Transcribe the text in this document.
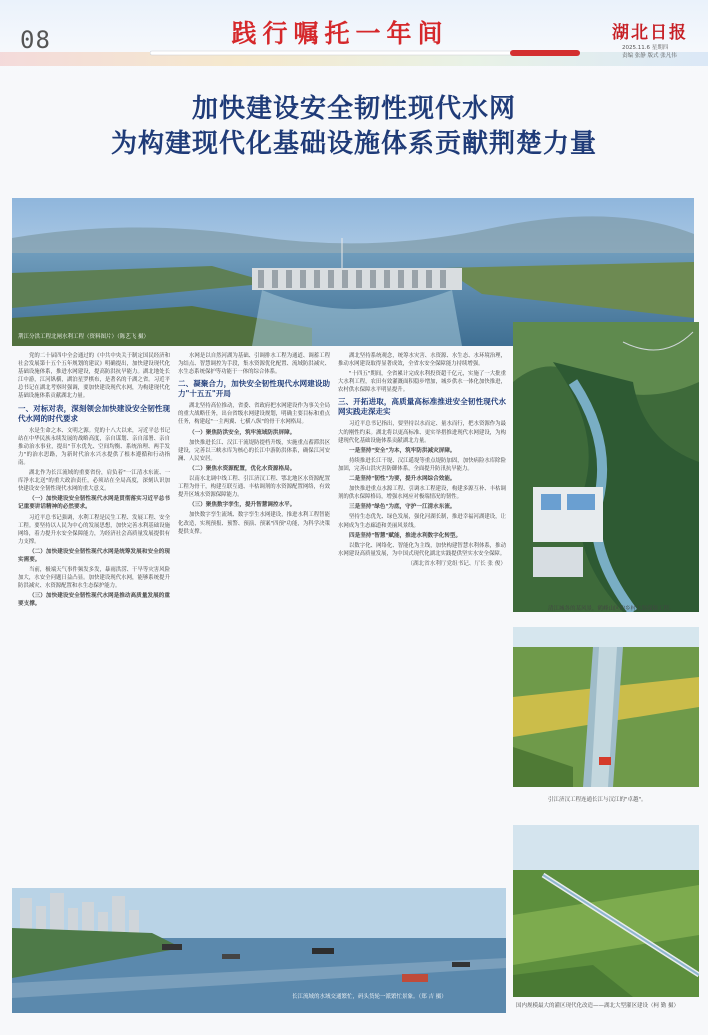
08	践行嘱托一年间	湖北日报
2025.11.6 星期四
责编 张静 版式 张凡伟
加快建设安全韧性现代水网
为构建现代化基础设施体系贡献荆楚力量
荆江分洪工程北闸水利工程（资料图片）（陈艺飞 摄）

党的二十届四中全会通过的《中共中央关于制定国民经济和社会发展第十五个五年规划的建议》明确提出，加快建设现代化基础设施体系，推进水网建设，提高防洪抗旱能力。湖北地处长江中游，江河纵横，湖泊星罗棋布，是著名的千湖之省。习近平总书记在湖北考察时强调，要加快建设现代水网，为构建现代化基础设施体系贡献湖北力量。

一、对标对表，深刻领会加快建设安全韧性现代水网的时代要求

水是生命之本、文明之源。党的十八大以来，习近平总书记站在中华民族永续发展的战略高度，亲自谋划、亲自部署、亲自推动治水事业，提出"节水优先、空间均衡、系统治理、两手发力"的治水思路，为新时代治水兴水提供了根本遵循和行动指南。

湖北作为长江流域的重要省份，肩负着"一江清水东流、一库净水北送"的重大政治责任，必须站在全局高度，深刻认识加快建设安全韧性现代水网的重大意义。

（一）加快建设安全韧性现代水网是贯彻落实习近平总书记重要讲话精神的必然要求。

习近平总书记强调，水利工程是民生工程、发展工程、安全工程。要坚持以人民为中心的发展思想，加快完善水利基础设施网络，着力提升水安全保障能力，为经济社会高质量发展提供有力支撑。

（二）加快建设安全韧性现代水网是统筹发展和安全的现实需要。

当前，极端天气事件频发多发，暴雨洪涝、干旱等灾害风险加大，水安全问题日益凸显。加快建设现代水网，能够系统提升防洪减灾、水资源配置和水生态保护能力。

（三）加快建设安全韧性现代水网是推动高质量发展的重要支撑。

水网是以自然河湖为基础、引调排水工程为通道、调蓄工程为结点、智慧调控为手段，集水资源优化配置、流域防洪减灾、水生态系统保护等功能于一体的综合体系。

二、凝聚合力，加快安全韧性现代水网建设助力"十五五"开局

湖北坚持高位推动，省委、省政府把水网建设作为事关全局的重大战略任务，出台省级水网建设规划，明确主要目标和重点任务，构建起"一主两翼、七横八纵"的骨干水网格局。

（一）聚焦防洪安全，筑牢流域防洪屏障。

加快推进长江、汉江干流堤防提档升级，实施重点蓄滞洪区建设，完善以三峡水库为核心的长江中游防洪体系，确保江河安澜、人民安居。

（二）聚焦水资源配置，优化水资源格局。

以南水北调中线工程、引江济汉工程、鄂北地区水资源配置工程为骨干，构建互联互通、丰枯调剂的水资源配置网络，有效提升区域水资源保障能力。

（三）聚焦数字孪生，提升智慧调控水平。

加快数字孪生流域、数字孪生水网建设，推进水利工程智能化改造，实现预报、预警、预演、预案"四预"功能，为科学决策提供支撑。

湖北坚持系统观念，统筹水灾害、水资源、水生态、水环境治理，推动水网建设取得显著成效，全省水安全保障能力持续增强。

"十四五"期间，全省累计完成水利投资超千亿元，实施了一大批重大水利工程，农田有效灌溉面积稳步增加，城乡供水一体化加快推进，农村供水保障水平明显提升。

三、开拓进取，高质量高标准推进安全韧性现代水网实践走深走实

习近平总书记指出，要坚持以水而定、量水而行，把水资源作为最大的刚性约束。湖北将以更高标准、更实举措推进现代水网建设，为构建现代化基础设施体系贡献湖北力量。

一是坚持"安全"为本，筑牢防洪减灾屏障。

持续推进长江干堤、汉江遥堤等重点堤防加固，加快病险水库除险加固，完善山洪灾害防御体系，全面提升防汛抗旱能力。

二是坚持"韧性"为要，提升水网综合效能。

加快推进重点水源工程、引调水工程建设，构建多源互补、丰枯调剂的供水保障格局，增强水网应对极端情况的韧性。

三是坚持"绿色"为底，守护一江清水东流。

坚持生态优先、绿色发展，强化河湖长制，推进幸福河湖建设，让水网成为生态廊道和美丽风景线。

四是坚持"智慧"赋能，推进水利数字化转型。

以数字化、网络化、智能化为主线，加快构建智慧水利体系，推动水网建设高质量发展，为中国式现代化湖北实践提供坚实水安全保障。

（湖北省水利厅党组书记、厅长 张 俊）
清江城各的某风景，鹤峰山区的乡村水源保障工程。
引江济汉工程连通长江与汉江的"卓越"。
长江流域的水域交通繁忙，码头货轮一派繁忙景象。（郑 吉 摄）
国内规模最大的灌区现代化改造——湖北大型灌区建设（柯 勤 摄）
